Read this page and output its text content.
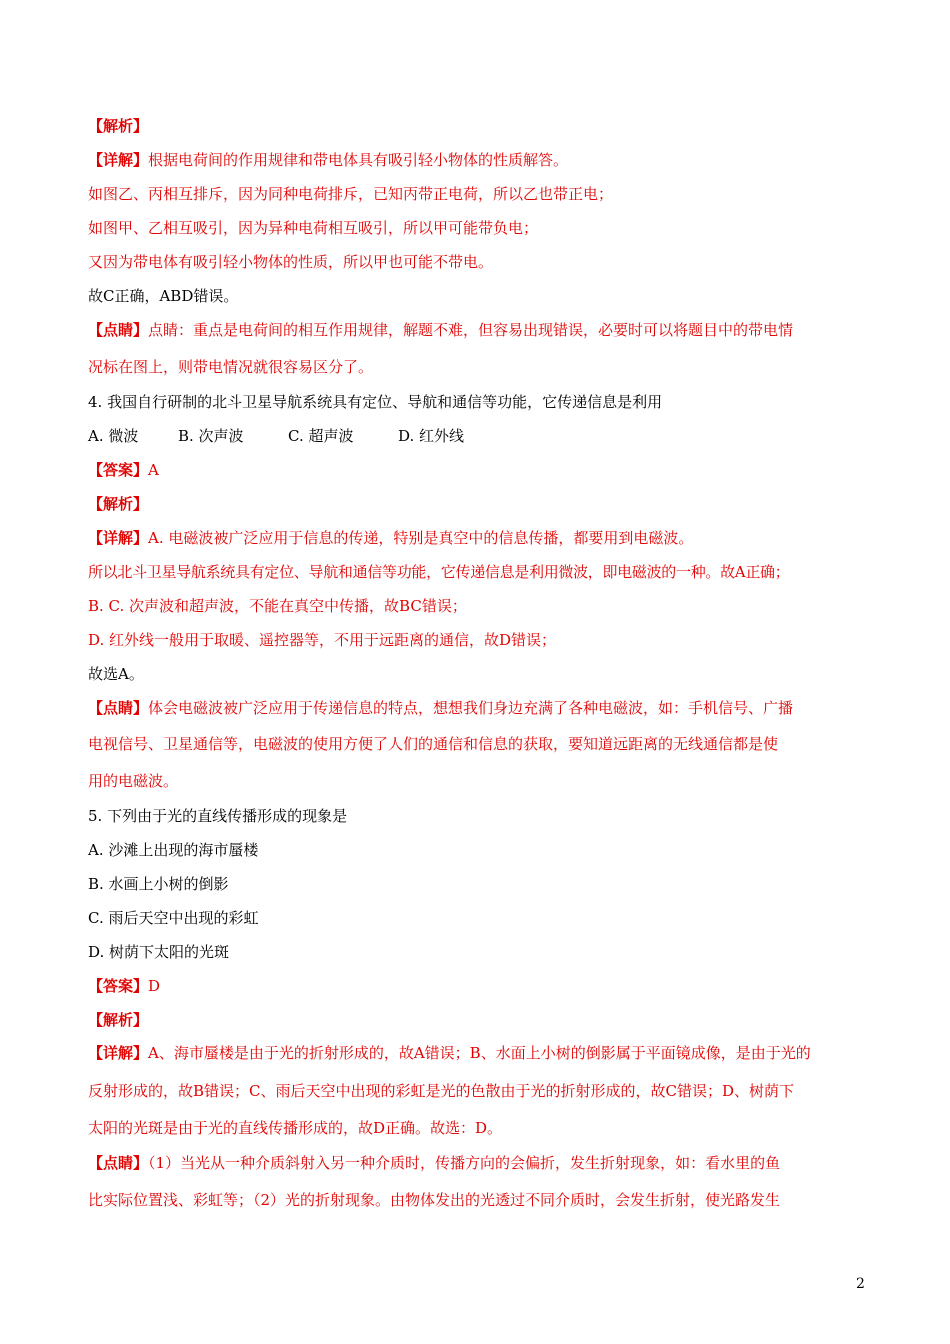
【解析】
【详解】根据电荷间的作用规律和带电体具有吸引轻小物体的性质解答。
如图乙、丙相互排斥，因为同种电荷排斥，已知丙带正电荷，所以乙也带正电；
如图甲、乙相互吸引，因为异种电荷相互吸引，所以甲可能带负电；
又因为带电体有吸引轻小物体的性质，所以甲也可能不带电。
故C正确，ABD错误。
【点睛】点睛：重点是电荷间的相互作用规律，解题不难，但容易出现错误，必要时可以将题目中的带电情
况标在图上，则带电情况就很容易区分了。
4. 我国自行研制的北斗卫星导航系统具有定位、导航和通信等功能，它传递信息是利用
A. 微波	B. 次声波	C. 超声波	D. 红外线
【答案】A
【解析】
【详解】A. 电磁波被广泛应用于信息的传递，特别是真空中的信息传播，都要用到电磁波。
所以北斗卫星导航系统具有定位、导航和通信等功能，它传递信息是利用微波，即电磁波的一种。故A正确；
B. C. 次声波和超声波，不能在真空中传播，故BC错误；
D. 红外线一般用于取暖、遥控器等，不用于远距离的通信，故D错误；
故选A。
【点睛】体会电磁波被广泛应用于传递信息的特点，想想我们身边充满了各种电磁波，如：手机信号、广播
电视信号、卫星通信等，电磁波的使用方便了人们的通信和信息的获取，要知道远距离的无线通信都是使
用的电磁波。
5. 下列由于光的直线传播形成的现象是
A. 沙滩上出现的海市蜃楼
B. 水画上小树的倒影
C. 雨后天空中出现的彩虹
D. 树荫下太阳的光斑
【答案】D
【解析】
【详解】A、海市蜃楼是由于光的折射形成的，故A错误；B、水面上小树的倒影属于平面镜成像，是由于光的
反射形成的，故B错误；C、雨后天空中出现的彩虹是光的色散由于光的折射形成的，故C错误；D、树荫下
太阳的光斑是由于光的直线传播形成的，故D正确。故选：D。
【点睛】（1）当光从一种介质斜射入另一种介质时，传播方向的会偏折，发生折射现象，如：看水里的鱼
比实际位置浅、彩虹等；（2）光的折射现象。由物体发出的光透过不同介质时，会发生折射，使光路发生
2
